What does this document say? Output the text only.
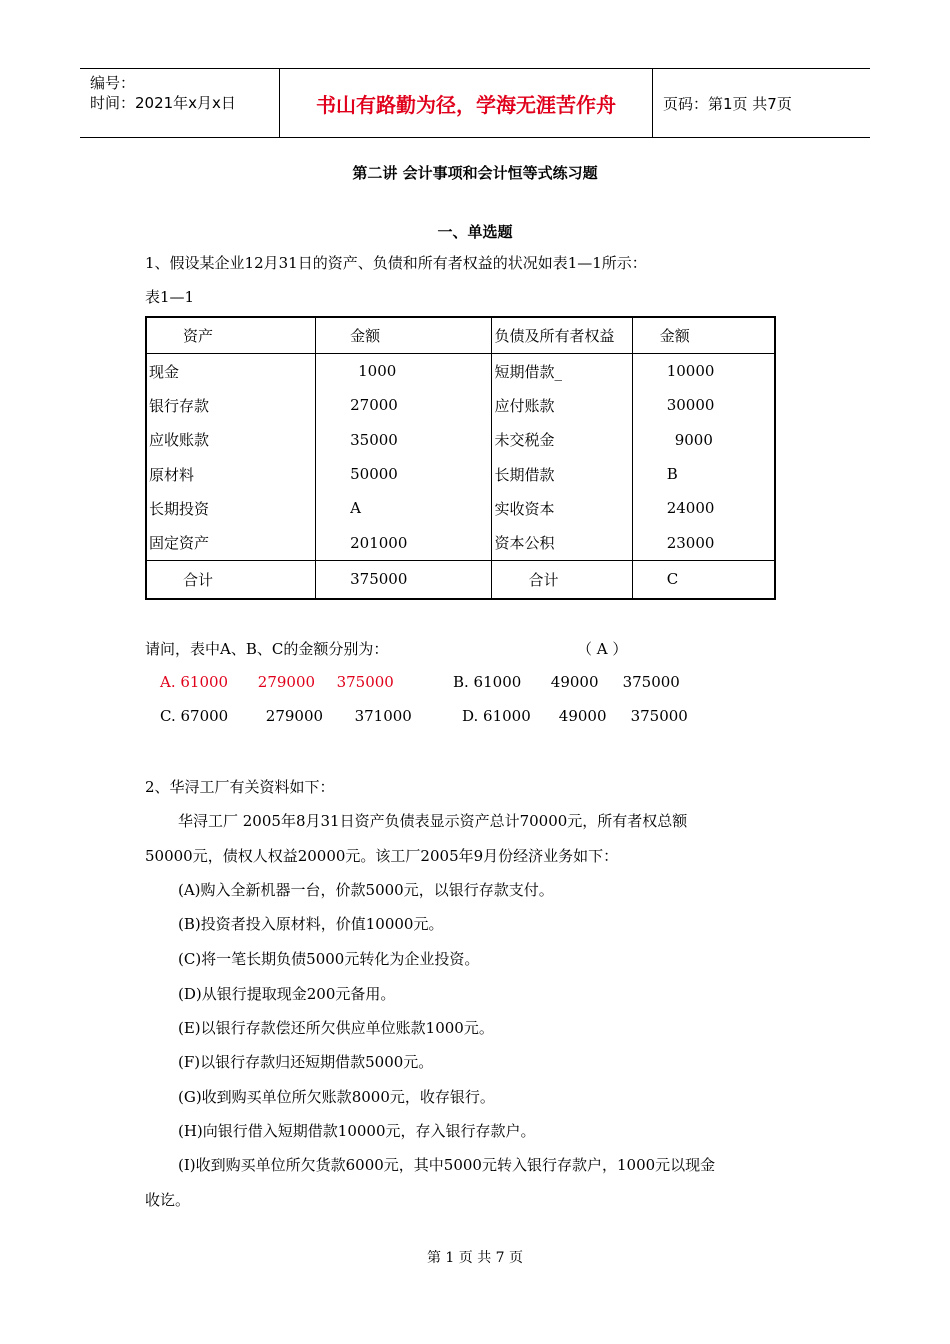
编号：
时间：2021年x月x日	书山有路勤为径，学海无涯苦作舟	页码：第1页 共7页
第二讲 会计事项和会计恒等式练习题
一、单选题
1、假设某企业12月31日的资产、负债和所有者权益的状况如表1—1所示：
表1—1
资产	金额	负债及所有者权益	金额
现金	1000	短期借款_	10000
银行存款	27000	应付账款	30000
应收账款	35000	未交税金	9000
原材料	50000	长期借款	B
长期投资	A	实收资本	24000
固定资产	201000	资本公积	23000
合计	375000	合计	C
请问，表中A、B、C的金额分别为：	（ A ）
A. 61000 279000 375000	B. 61000 49000 375000
C. 67000	279000 371000	D. 61000 49000 375000
2、华浔工厂有关资料如下：
华浔工厂 2005年8月31日资产负债表显示资产总计70000元，所有者权总额
50000元，债权人权益20000元。该工厂2005年9月份经济业务如下：
(A)购入全新机器一台，价款5000元，以银行存款支付。
(B)投资者投入原材料，价值10000元。
(C)将一笔长期负债5000元转化为企业投资。
(D)从银行提取现金200元备用。
(E)以银行存款偿还所欠供应单位账款1000元。
(F)以银行存款归还短期借款5000元。
(G)收到购买单位所欠账款8000元，收存银行。
(H)向银行借入短期借款10000元，存入银行存款户。
(I)收到购买单位所欠货款6000元，其中5000元转入银行存款户，1000元以现金
收讫。
第 1 页 共 7 页
